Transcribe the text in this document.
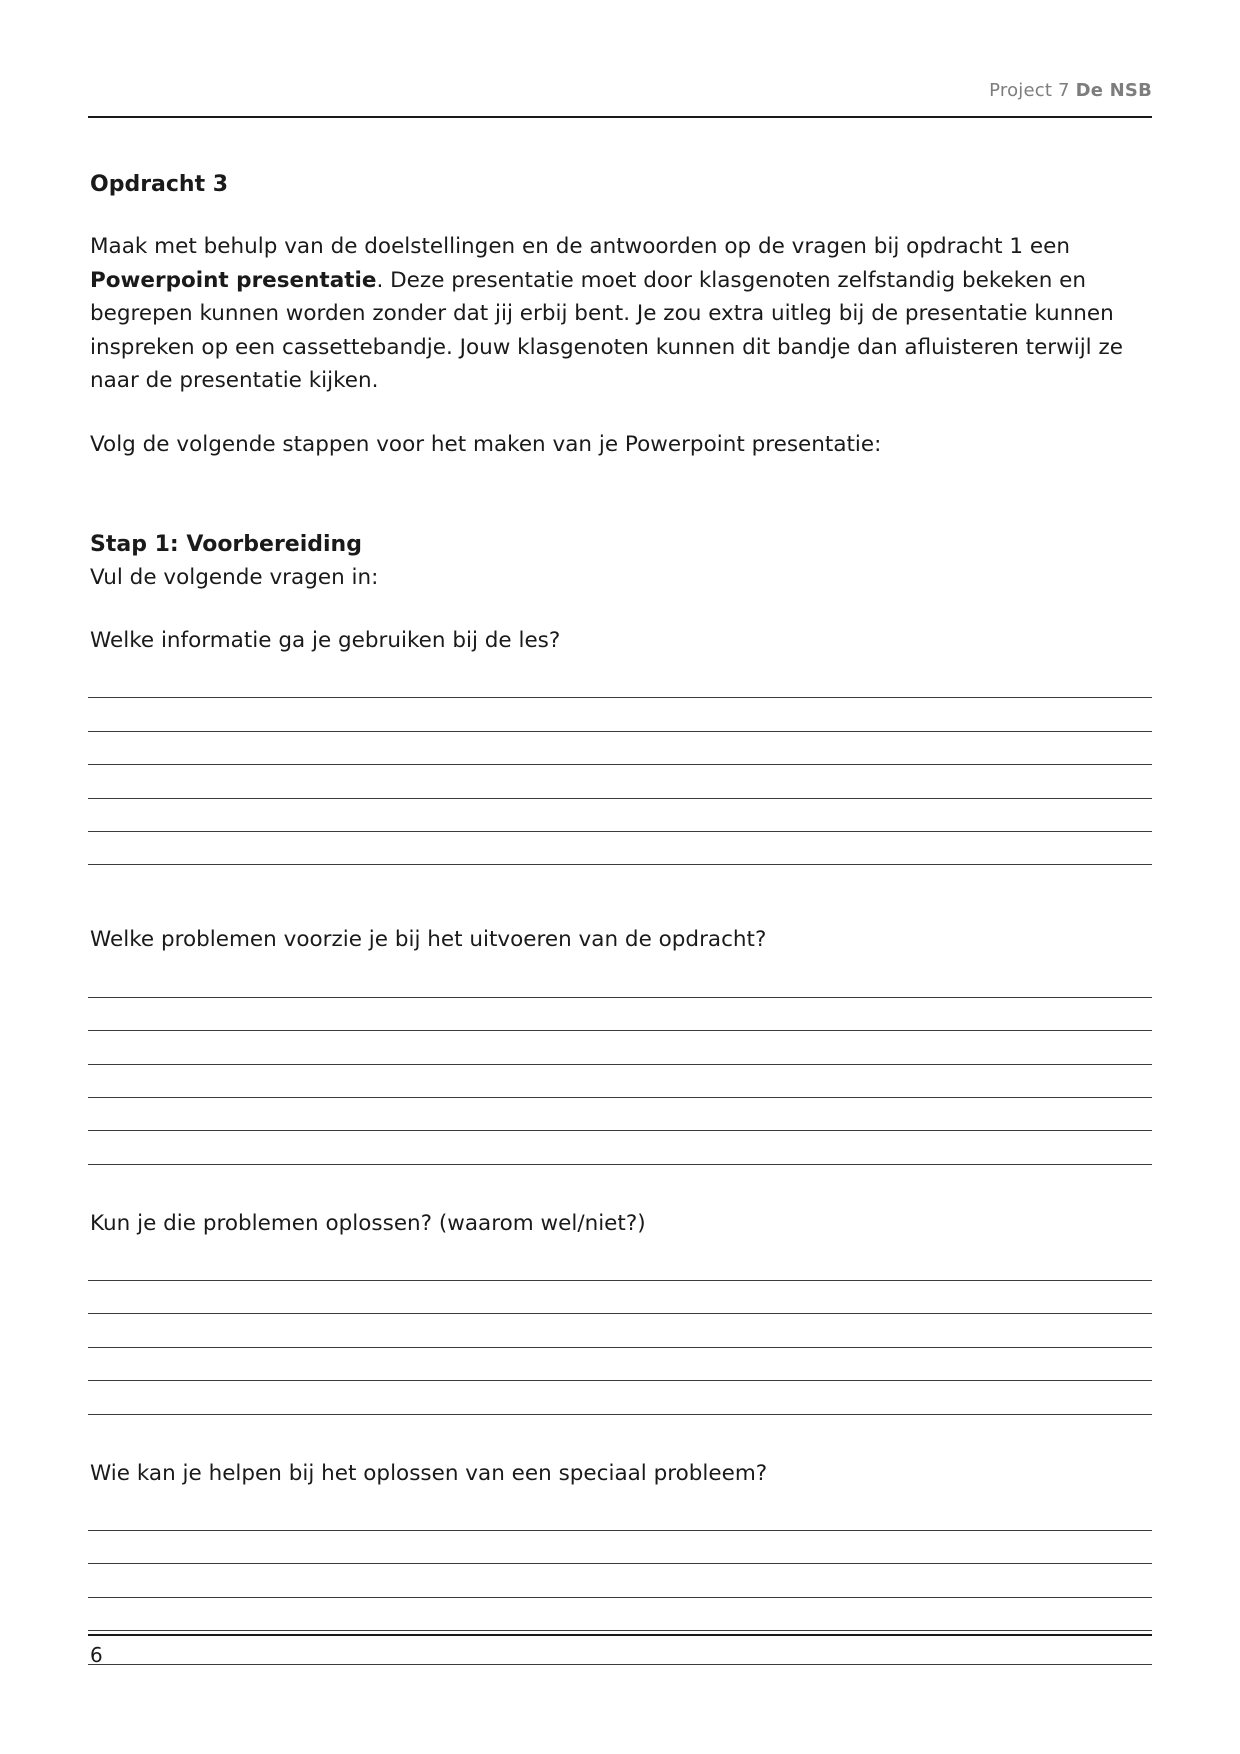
Project 7 De NSB
Opdracht 3

Maak met behulp van de doelstellingen en de antwoorden op de vragen bij opdracht 1 een Powerpoint presentatie. Deze presentatie moet door klasgenoten zelfstandig bekeken en begrepen kunnen worden zonder dat jij erbij bent. Je zou extra uitleg bij de presentatie kunnen inspreken op een cassettebandje. Jouw klasgenoten kunnen dit bandje dan afluisteren terwijl ze naar de presentatie kijken.

Volg de volgende stappen voor het maken van je Powerpoint presentatie:

Stap 1: Voorbereiding

Vul de volgende vragen in:

Welke informatie ga je gebruiken bij de les?

Welke problemen voorzie je bij het uitvoeren van de opdracht?

Kun je die problemen oplossen? (waarom wel/niet?)

Wie kan je helpen bij het oplossen van een speciaal probleem?

6
